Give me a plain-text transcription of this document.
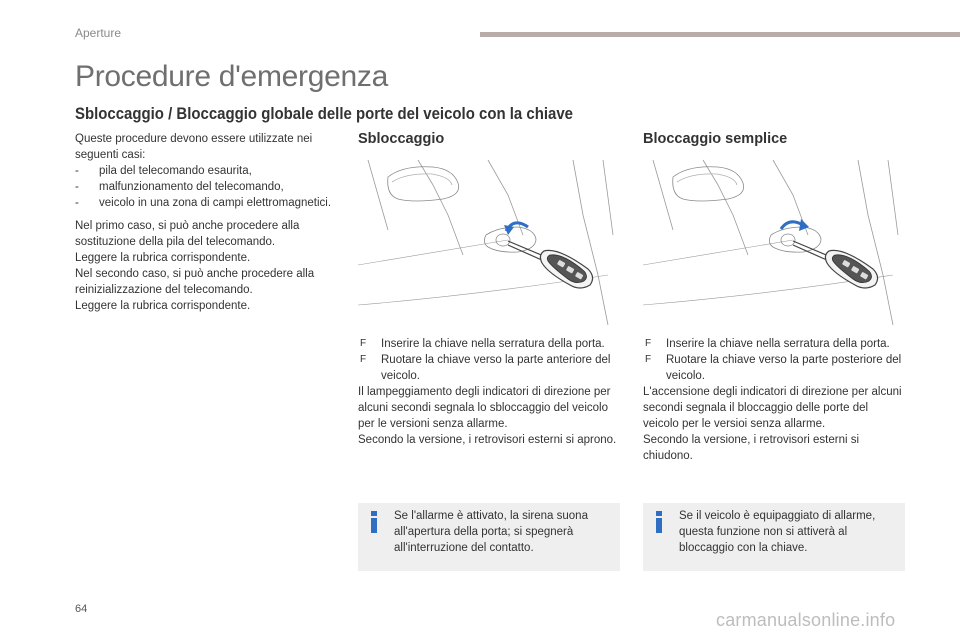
Aperture
Procedure d'emergenza
Sbloccaggio / Bloccaggio globale delle porte del veicolo con la chiave

Queste procedure devono essere utilizzate nei seguenti casi:

- pila del telecomando esaurita,
- malfunzionamento del telecomando,
- veicolo in una zona di campi elettromagnetici.

Nel primo caso, si può anche procedere alla sostituzione della pila del telecomando.

Leggere la rubrica corrispondente.

Nel secondo caso, si può anche procedere alla reinizializzazione del telecomando.

Leggere la rubrica corrispondente.

Sbloccaggio	Bloccaggio semplice
F Inserire la chiave nella serratura della porta.
F Ruotare la chiave verso la parte anteriore del veicolo.

Il lampeggiamento degli indicatori di direzione per alcuni secondi segnala lo sbloccaggio del veicolo per le versioni senza allarme.

Secondo la versione, i retrovisori esterni si aprono.

F Inserire la chiave nella serratura della porta.
F Ruotare la chiave verso la parte posteriore del veicolo.

L'accensione degli indicatori di direzione per alcuni secondi segnala il bloccaggio delle porte del veicolo per le versioi senza allarme.

Secondo la versione, i retrovisori esterni si chiudono.

Se l'allarme è attivato, la sirena suona all'apertura della porta; si spegnerà all'interruzione del contatto.
Se il veicolo è equipaggiato di allarme, questa funzione non si attiverà al bloccaggio con la chiave.
64
carmanualsonline.info
